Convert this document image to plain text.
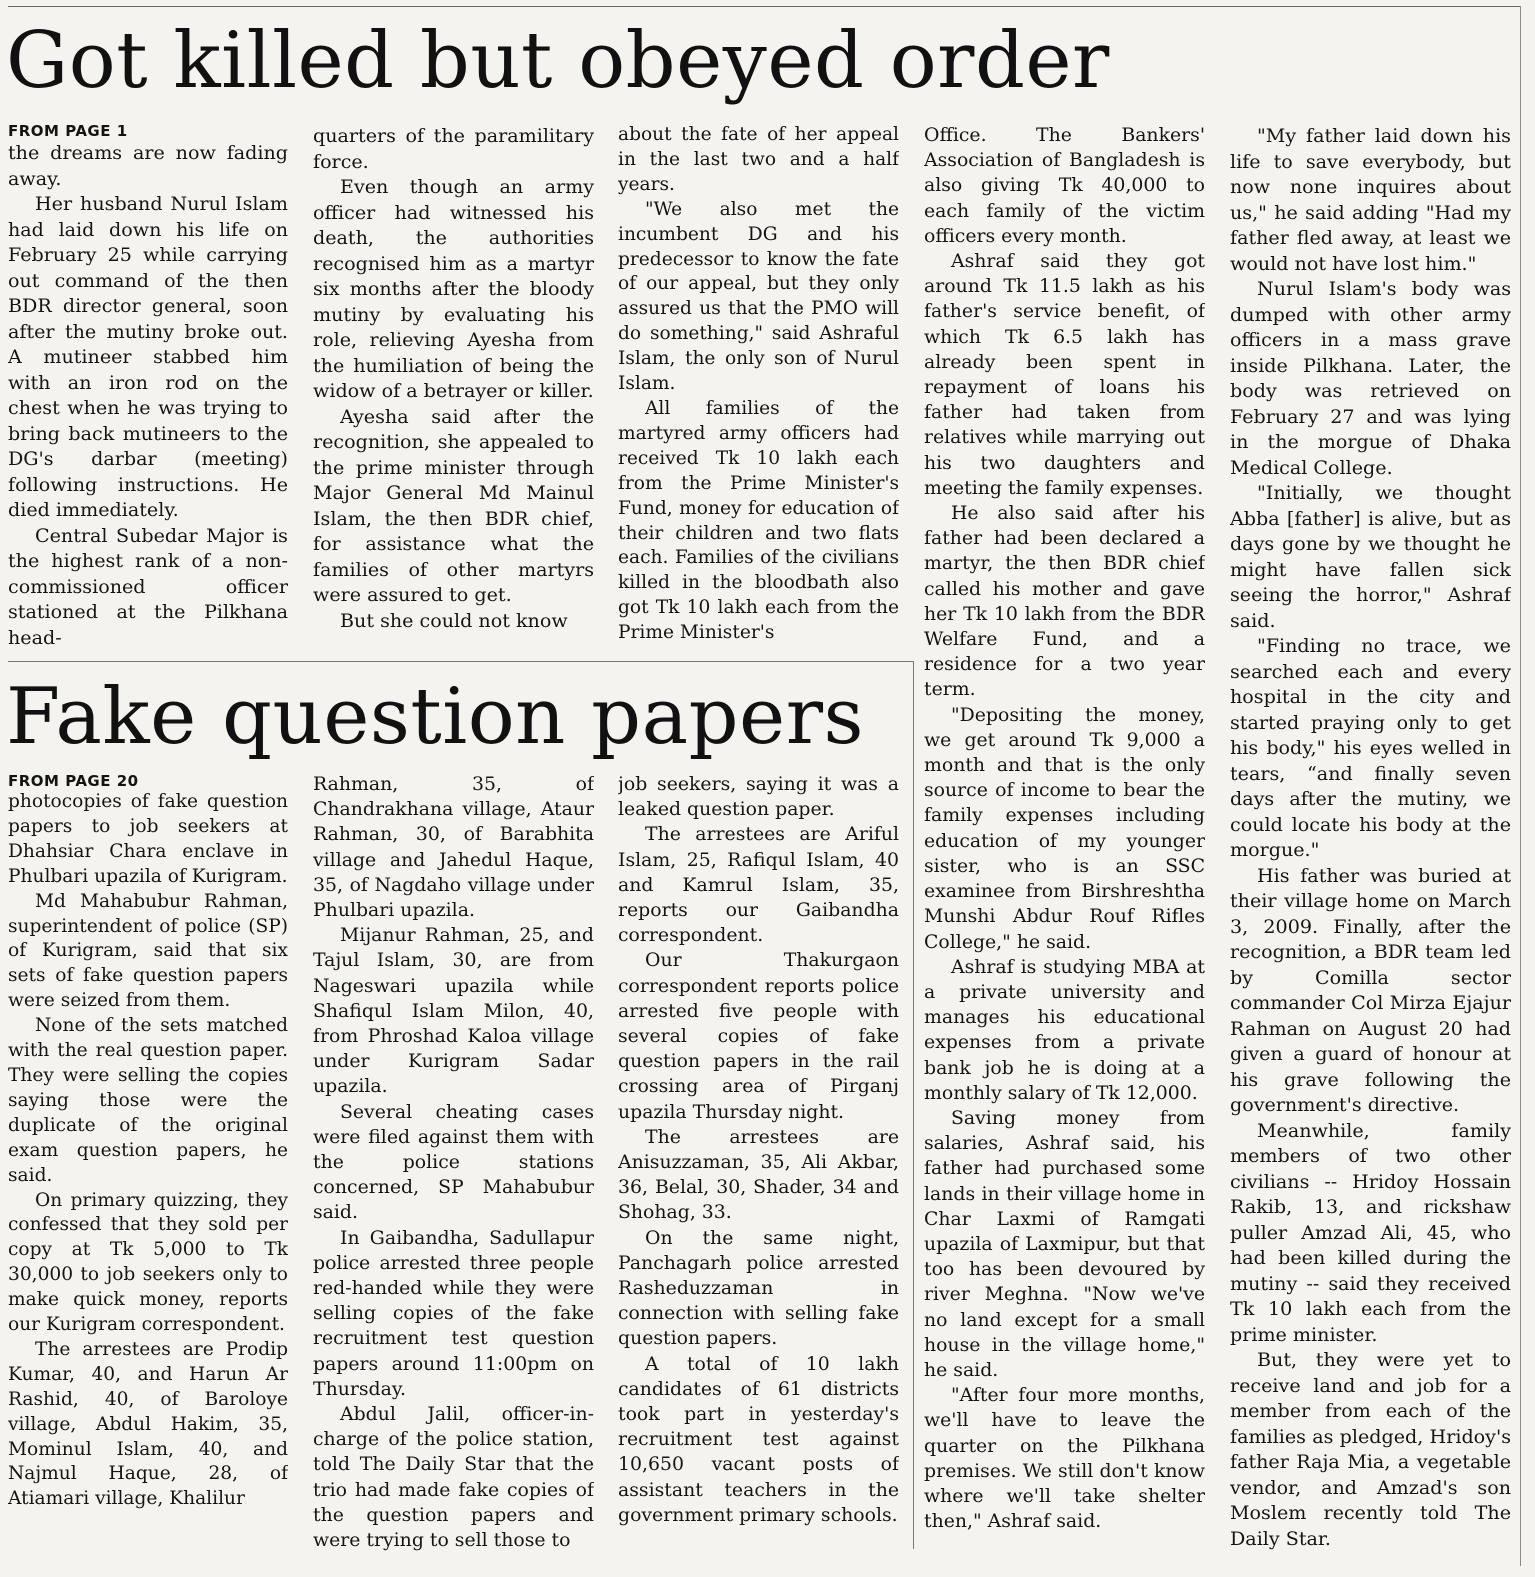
Got killed but obeyed order
FROM PAGE 1

the dreams are now fading away.

Her husband Nurul Islam had laid down his life on February 25 while carrying out command of the then BDR director general, soon after the mutiny broke out. A mutineer stabbed him with an iron rod on the chest when he was trying to bring back mutineers to the DG's darbar (meeting) following instructions. He died immediately.

Central Subedar Major is the highest rank of a non-commissioned officer stationed at the Pilkhana head-

quarters of the paramilitary force.

Even though an army officer had witnessed his death, the authorities recognised him as a martyr six months after the bloody mutiny by evaluating his role, relieving Ayesha from the humiliation of being the widow of a betrayer or killer.

Ayesha said after the recognition, she appealed to the prime minister through Major General Md Mainul Islam, the then BDR chief, for assistance what the families of other martyrs were assured to get.

But she could not know

about the fate of her appeal in the last two and a half years.

"We also met the incumbent DG and his predecessor to know the fate of our appeal, but they only assured us that the PMO will do something," said Ashraful Islam, the only son of Nurul Islam.

All families of the martyred army officers had received Tk 10 lakh each from the Prime Minister's Fund, money for education of their children and two flats each. Families of the civilians killed in the bloodbath also got Tk 10 lakh each from the Prime Minister's

Office. The Bankers' Association of Bangladesh is also giving Tk 40,000 to each family of the victim officers every month.

Ashraf said they got around Tk 11.5 lakh as his father's service benefit, of which Tk 6.5 lakh has already been spent in repayment of loans his father had taken from relatives while marrying out his two daughters and meeting the family expenses.

He also said after his father had been declared a martyr, the then BDR chief called his mother and gave her Tk 10 lakh from the BDR Welfare Fund, and a residence for a two year term.

"Depositing the money, we get around Tk 9,000 a month and that is the only source of income to bear the family expenses including education of my younger sister, who is an SSC examinee from Birshreshtha Munshi Abdur Rouf Rifles College," he said.

Ashraf is studying MBA at a private university and manages his educational expenses from a private bank job he is doing at a monthly salary of Tk 12,000.

Saving money from salaries, Ashraf said, his father had purchased some lands in their village home in Char Laxmi of Ramgati upazila of Laxmipur, but that too has been devoured by river Meghna. "Now we've no land except for a small house in the village home," he said.

"After four more months, we'll have to leave the quarter on the Pilkhana premises. We still don't know where we'll take shelter then," Ashraf said.

"My father laid down his life to save everybody, but now none inquires about us," he said adding "Had my father fled away, at least we would not have lost him."

Nurul Islam's body was dumped with other army officers in a mass grave inside Pilkhana. Later, the body was retrieved on February 27 and was lying in the morgue of Dhaka Medical College.

"Initially, we thought Abba [father] is alive, but as days gone by we thought he might have fallen sick seeing the horror," Ashraf said.

"Finding no trace, we searched each and every hospital in the city and started praying only to get his body," his eyes welled in tears, “and finally seven days after the mutiny, we could locate his body at the morgue."

His father was buried at their village home on March 3, 2009. Finally, after the recognition, a BDR team led by Comilla sector commander Col Mirza Ejajur Rahman on August 20 had given a guard of honour at his grave following the government's directive.

Meanwhile, family members of two other civilians -- Hridoy Hossain Rakib, 13, and rickshaw puller Amzad Ali, 45, who had been killed during the mutiny -- said they received Tk 10 lakh each from the prime minister.

But, they were yet to receive land and job for a member from each of the families as pledged, Hridoy's father Raja Mia, a vegetable vendor, and Amzad's son Moslem recently told The Daily Star.

Fake question papers
FROM PAGE 20

photocopies of fake question papers to job seekers at Dhahsiar Chara enclave in Phulbari upazila of Kurigram.

Md Mahabubur Rahman, superintendent of police (SP) of Kurigram, said that six sets of fake question papers were seized from them.

None of the sets matched with the real question paper. They were selling the copies saying those were the duplicate of the original exam question papers, he said.

On primary quizzing, they confessed that they sold per copy at Tk 5,000 to Tk 30,000 to job seekers only to make quick money, reports our Kurigram correspondent.

The arrestees are Prodip Kumar, 40, and Harun Ar Rashid, 40, of Baroloye village, Abdul Hakim, 35, Mominul Islam, 40, and Najmul Haque, 28, of Atiamari village, Khalilur

Rahman, 35, of Chandrakhana village, Ataur Rahman, 30, of Barabhita village and Jahedul Haque, 35, of Nagdaho village under Phulbari upazila.

Mijanur Rahman, 25, and Tajul Islam, 30, are from Nageswari upazila while Shafiqul Islam Milon, 40, from Phroshad Kaloa village under Kurigram Sadar upazila.

Several cheating cases were filed against them with the police stations concerned, SP Mahabubur said.

In Gaibandha, Sadullapur police arrested three people red-handed while they were selling copies of the fake recruitment test question papers around 11:00pm on Thursday.

Abdul Jalil, officer-in-charge of the police station, told The Daily Star that the trio had made fake copies of the question papers and were trying to sell those to

job seekers, saying it was a leaked question paper.

The arrestees are Ariful Islam, 25, Rafiqul Islam, 40 and Kamrul Islam, 35, reports our Gaibandha correspondent.

Our Thakurgaon correspondent reports police arrested five people with several copies of fake question papers in the rail crossing area of Pirganj upazila Thursday night.

The arrestees are Anisuzzaman, 35, Ali Akbar, 36, Belal, 30, Shader, 34 and Shohag, 33.

On the same night, Panchagarh police arrested Rasheduzzaman in connection with selling fake question papers.

A total of 10 lakh candidates of 61 districts took part in yesterday's recruitment test against 10,650 vacant posts of assistant teachers in the government primary schools.
